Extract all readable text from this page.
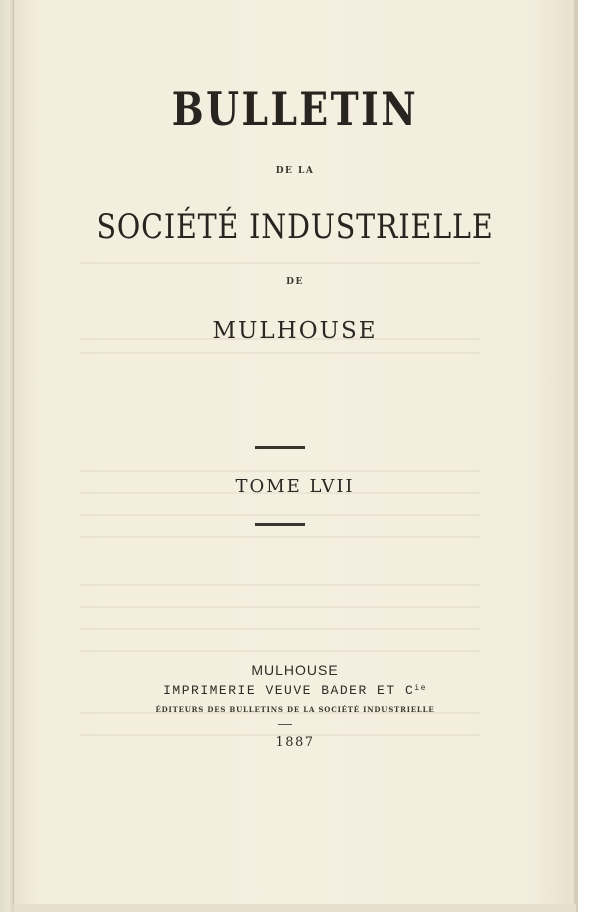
BULLETIN
DE LA
SOCIÉTÉ INDUSTRIELLE
DE
MULHOUSE
TOME LVII
MULHOUSE
IMPRIMERIE VEUVE BADER ET $C^{ie}$
ÉDITEURS DES BULLETINS DE LA SOCIÉTÉ INDUSTRIELLE
1887
